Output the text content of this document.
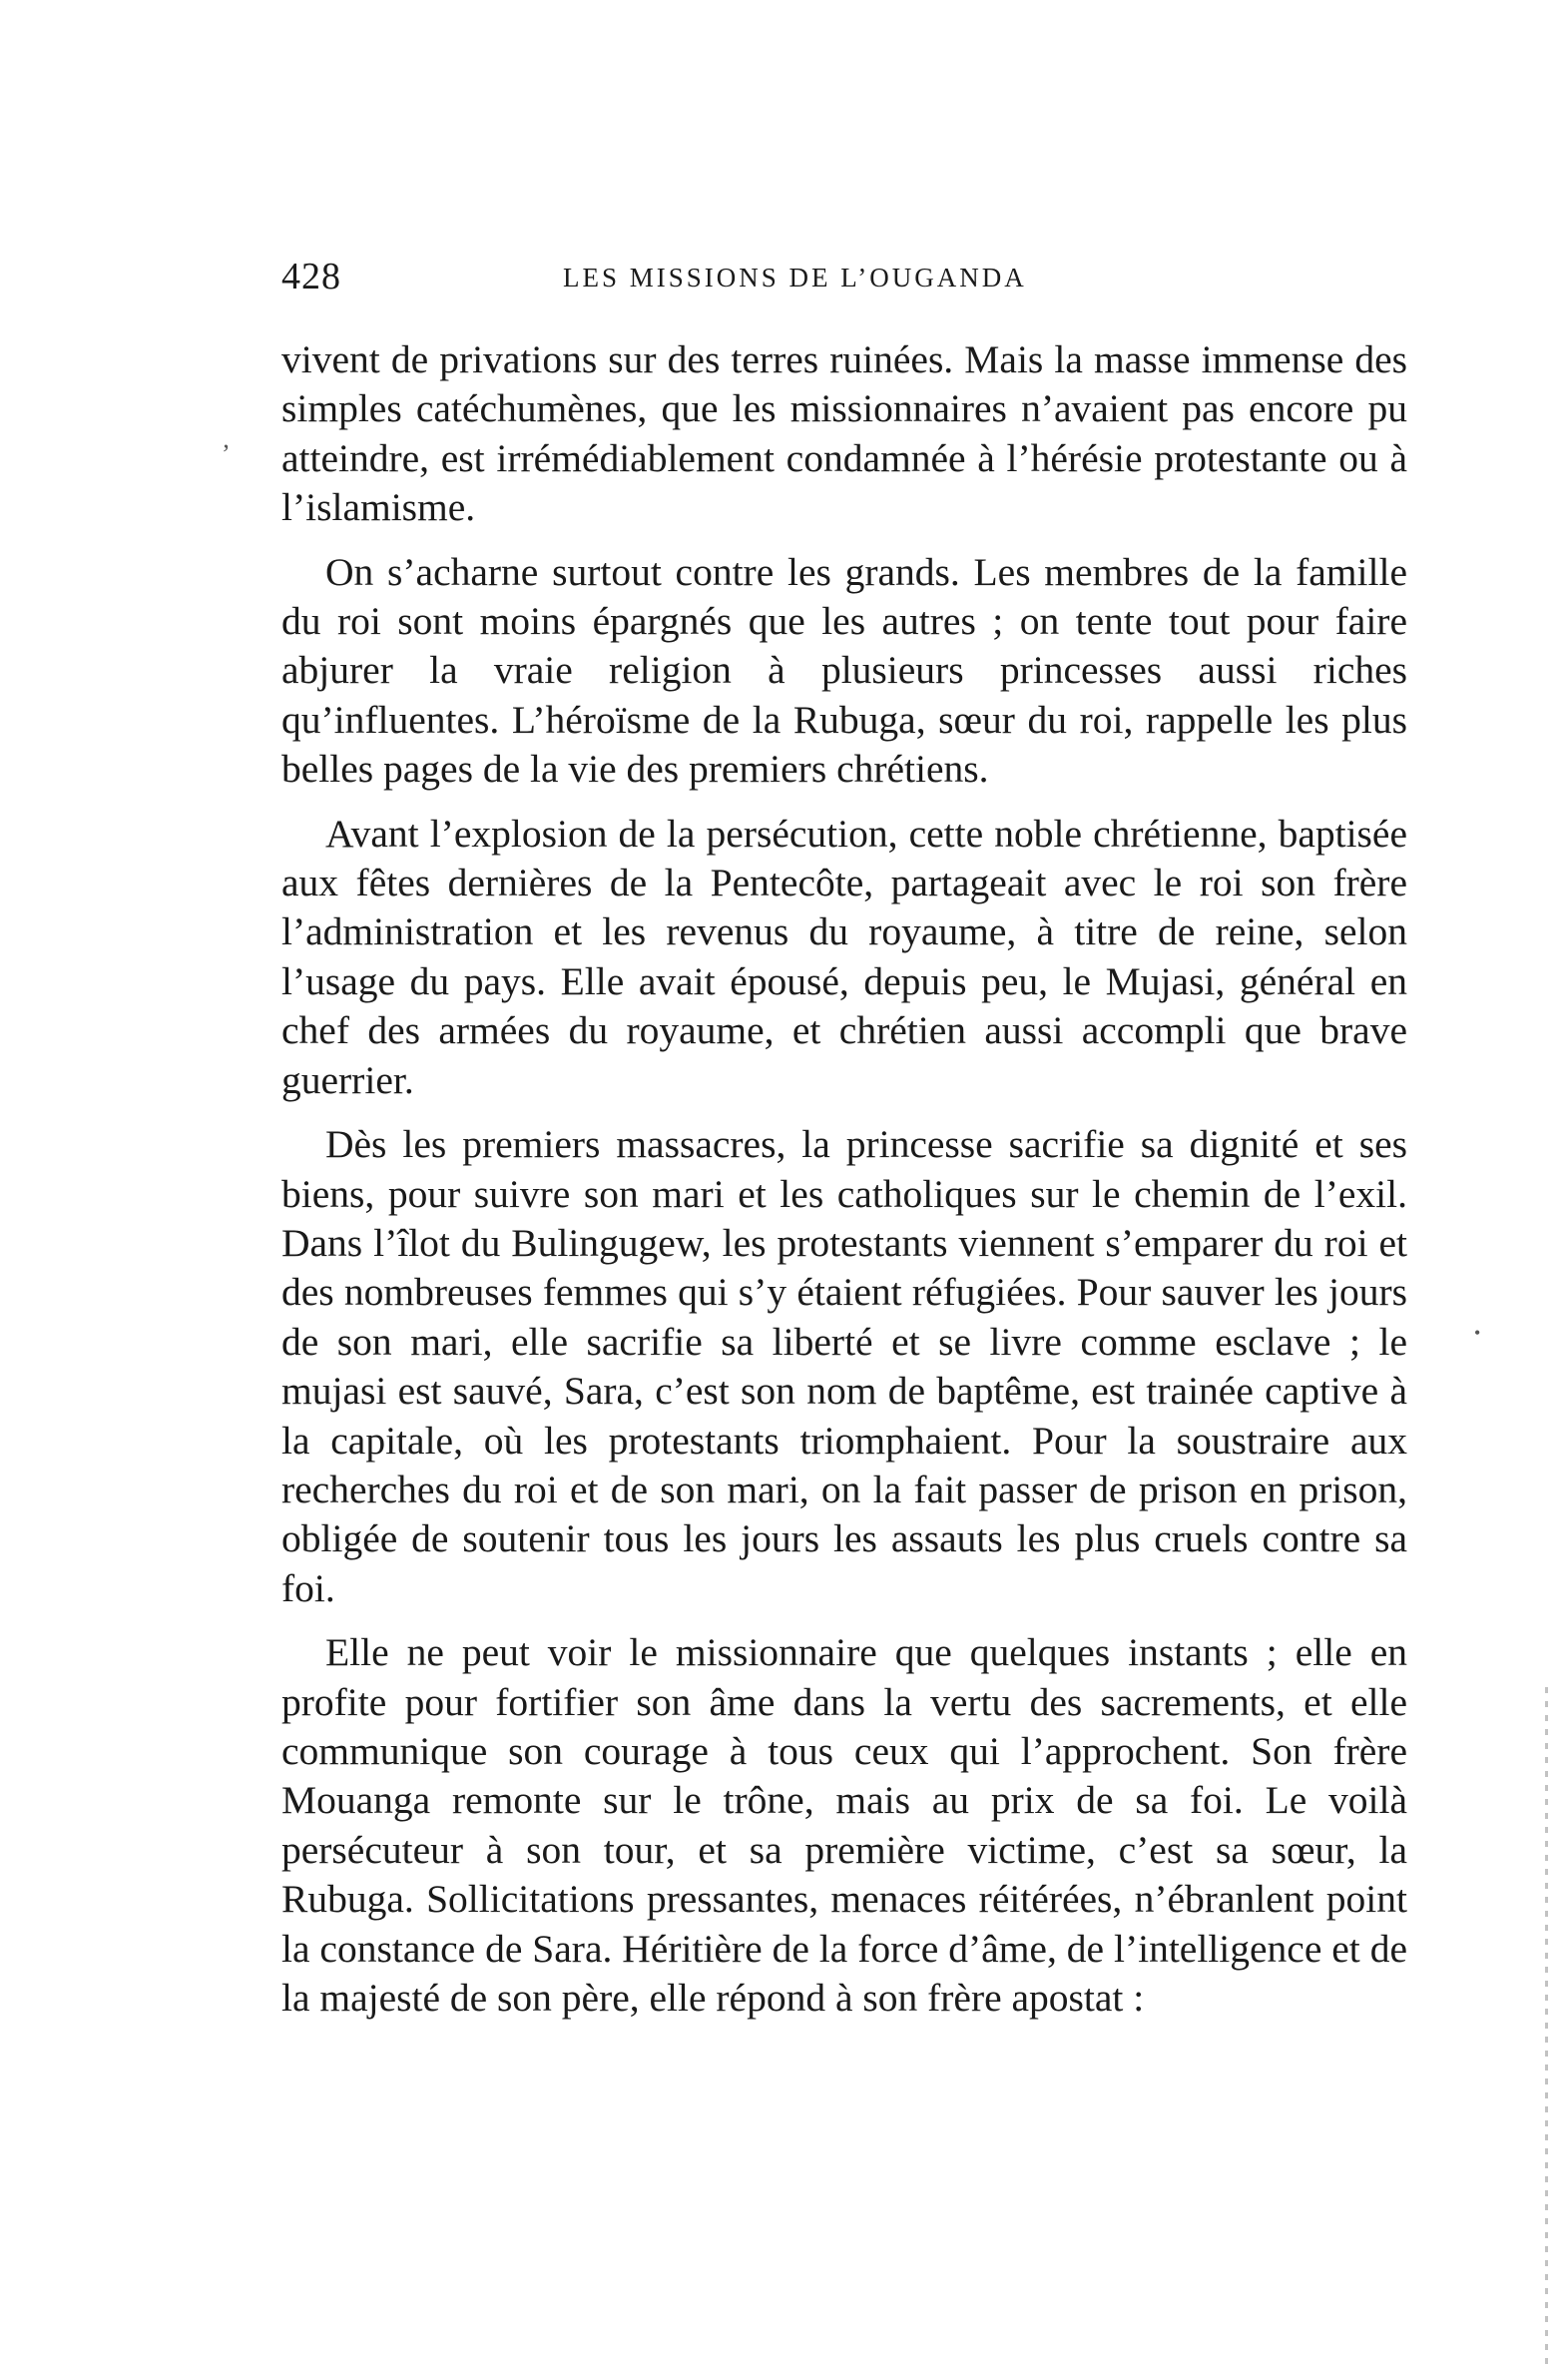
428	LES MISSIONS DE L’OUGANDA

vivent de privations sur des terres ruinées. Mais la masse immense des simples catéchumènes, que les missionnaires n’avaient pas encore pu atteindre, est irrémédiablement condamnée à l’hérésie protestante ou à l’islamisme.

On s’acharne surtout contre les grands. Les membres de la famille du roi sont moins épargnés que les autres ; on tente tout pour faire abjurer la vraie religion à plusieurs princesses aussi riches qu’influentes. L’héroïsme de la Rubuga, sœur du roi, rappelle les plus belles pages de la vie des premiers chrétiens.

Avant l’explosion de la persécution, cette noble chrétienne, baptisée aux fêtes dernières de la Pentecôte, partageait avec le roi son frère l’administration et les revenus du royaume, à titre de reine, selon l’usage du pays. Elle avait épousé, depuis peu, le Mujasi, général en chef des armées du royaume, et chrétien aussi accompli que brave guerrier.

Dès les premiers massacres, la princesse sacrifie sa dignité et ses biens, pour suivre son mari et les catholiques sur le chemin de l’exil. Dans l’îlot du Bulingugew, les protestants viennent s’emparer du roi et des nombreuses femmes qui s’y étaient réfugiées. Pour sauver les jours de son mari, elle sacrifie sa liberté et se livre comme esclave ; le mujasi est sauvé, Sara, c’est son nom de baptême, est trainée captive à la capitale, où les protestants triomphaient. Pour la soustraire aux recherches du roi et de son mari, on la fait passer de prison en prison, obligée de soutenir tous les jours les assauts les plus cruels contre sa foi.

Elle ne peut voir le missionnaire que quelques instants ; elle en profite pour fortifier son âme dans la vertu des sacrements, et elle communique son courage à tous ceux qui l’approchent. Son frère Mouanga remonte sur le trône, mais au prix de sa foi. Le voilà persécuteur à son tour, et sa première victime, c’est sa sœur, la Rubuga. Sollicitations pressantes, menaces réitérées, n’ébranlent point la constance de Sara. Héritière de la force d’âme, de l’intelligence et de la majesté de son père, elle répond à son frère apostat :

ʼ
•
